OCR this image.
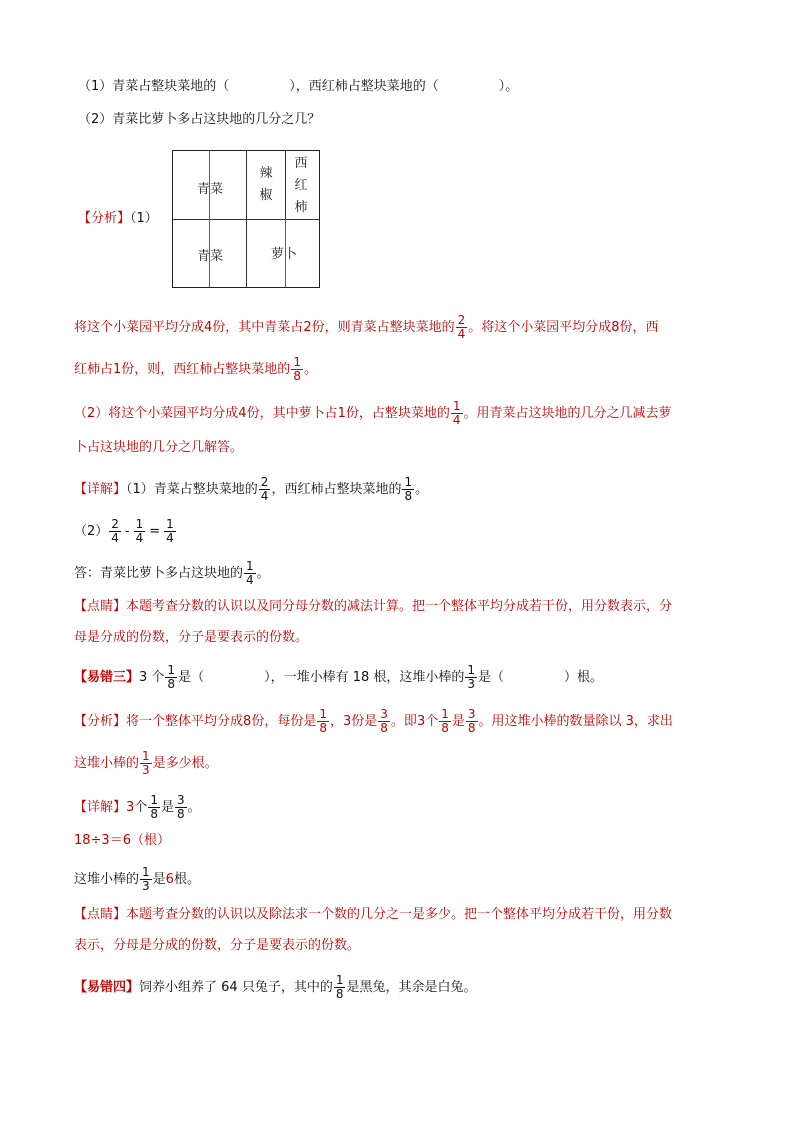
（1）青菜占整块菜地的（	），西红柿占整块菜地的（	）。
（2）青菜比萝卜多占这块地的几分之几？
【分析】（1）
青菜
辣椒
西红柿
青菜	萝卜
将这个小菜园平均分成4份，其中青菜占2份，则青菜占整块菜地的 $\frac{2}{4}$ 。将这个小菜园平均分成8份，西
红柿占1份，则，西红柿占整块菜地的 $\frac{1}{8}$ 。
（2）将这个小菜园平均分成4份，其中萝卜占1份，占整块菜地的 $\frac{1}{4}$ 。用青菜占这块地的几分之几减去萝
卜占这块地的几分之几解答。
【详解】（1）青菜占整块菜地的 $\frac{2}{4}$ ，西红柿占整块菜地的 $\frac{1}{8}$ 。
$(2) \frac{2}{4} - \frac{1}{4} = \frac{1}{4}$
答：青菜比萝卜多占这块地的 $\frac{1}{4}$ 。
【点睛】本题考查分数的认识以及同分母分数的减法计算。把一个整体平均分成若干份，用分数表示，分
母是分成的份数，分子是要表示的份数。
【易错三】3 个 $\frac{1}{8}$ 是（	），一堆小棒有 18 根，这堆小棒的 $\frac{1}{3}$ 是（	）根。
【分析】将一个整体平均分成8份，每份是 $\frac{1}{8}$ ，3份是 $\frac{3}{8}$ 。即3个 $\frac{1}{8}$ 是 $\frac{3}{8}$ 。用这堆小棒的数量除以 3，求出
这堆小棒的 $\frac{1}{3}$ 是多少根。
【详解】3个 $\frac{1}{8}$ 是 $\frac{3}{8}$ 。
18÷3＝6（根）
这堆小棒的 $\frac{1}{3}$ 是6根。
【点睛】本题考查分数的认识以及除法求一个数的几分之一是多少。把一个整体平均分成若干份，用分数
表示，分母是分成的份数，分子是要表示的份数。
【易错四】饲养小组养了 64 只兔子，其中的 $\frac{1}{8}$ 是黑兔，其余是白兔。
